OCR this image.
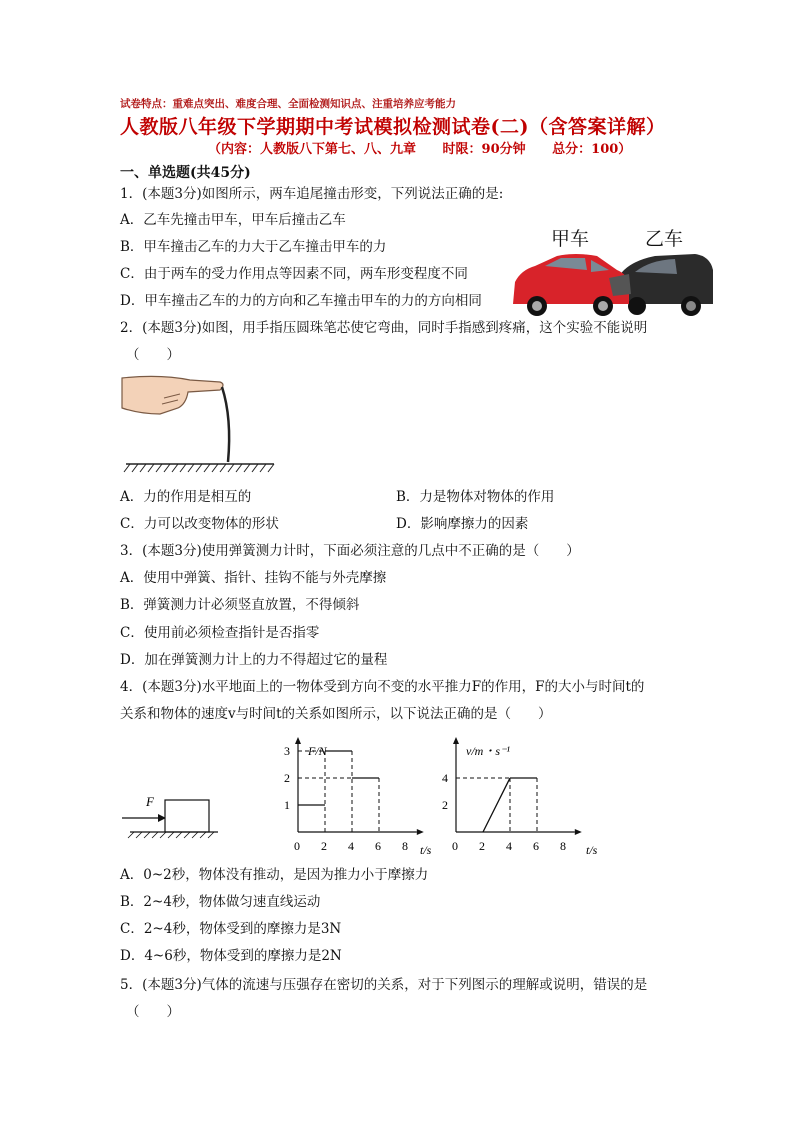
试卷特点：重难点突出、难度合理、全面检测知识点、注重培养应考能力
人教版八年级下学期期中考试模拟检测试卷(二)（含答案详解）
（内容：人教版八下第七、八、九章 时限：90分钟 总分：100）
一、单选题(共45分)
1．(本题3分)如图所示，两车追尾撞击形变，下列说法正确的是:
A．乙车先撞击甲车，甲车后撞击乙车
B．甲车撞击乙车的力大于乙车撞击甲车的力
C．由于两车的受力作用点等因素不同，两车形变程度不同
D．甲车撞击乙车的力的方向和乙车撞击甲车的力的方向相同
甲车	乙车
2．(本题3分)如图，用手指压圆珠笔芯使它弯曲，同时手指感到疼痛，这个实验不能说明
（　　）
A．力的作用是相互的	B．力是物体对物体的作用
C．力可以改变物体的形状	D．影响摩擦力的因素
3．(本题3分)使用弹簧测力计时，下面必须注意的几点中不正确的是（　　）
A．使用中弹簧、指针、挂钩不能与外壳摩擦
B．弹簧测力计必须竖直放置，不得倾斜
C．使用前必须检查指针是否指零
D．加在弹簧测力计上的力不得超过它的量程
4．(本题3分)水平地面上的一物体受到方向不变的水平推力F的作用，F的大小与时间t的
关系和物体的速度v与时间t的关系如图所示，以下说法正确的是（　　）
F
0 2 4 6 8
1
2
3 F/N
t/s 0 2 4 6 8
2
4
v/m・s⁻¹
t/s
A．0~2秒，物体没有推动，是因为推力小于摩擦力
B．2~4秒，物体做匀速直线运动
C．2~4秒，物体受到的摩擦力是3N
D．4~6秒，物体受到的摩擦力是2N
5．(本题3分)气体的流速与压强存在密切的关系，对于下列图示的理解或说明，错误的是
（　　）
